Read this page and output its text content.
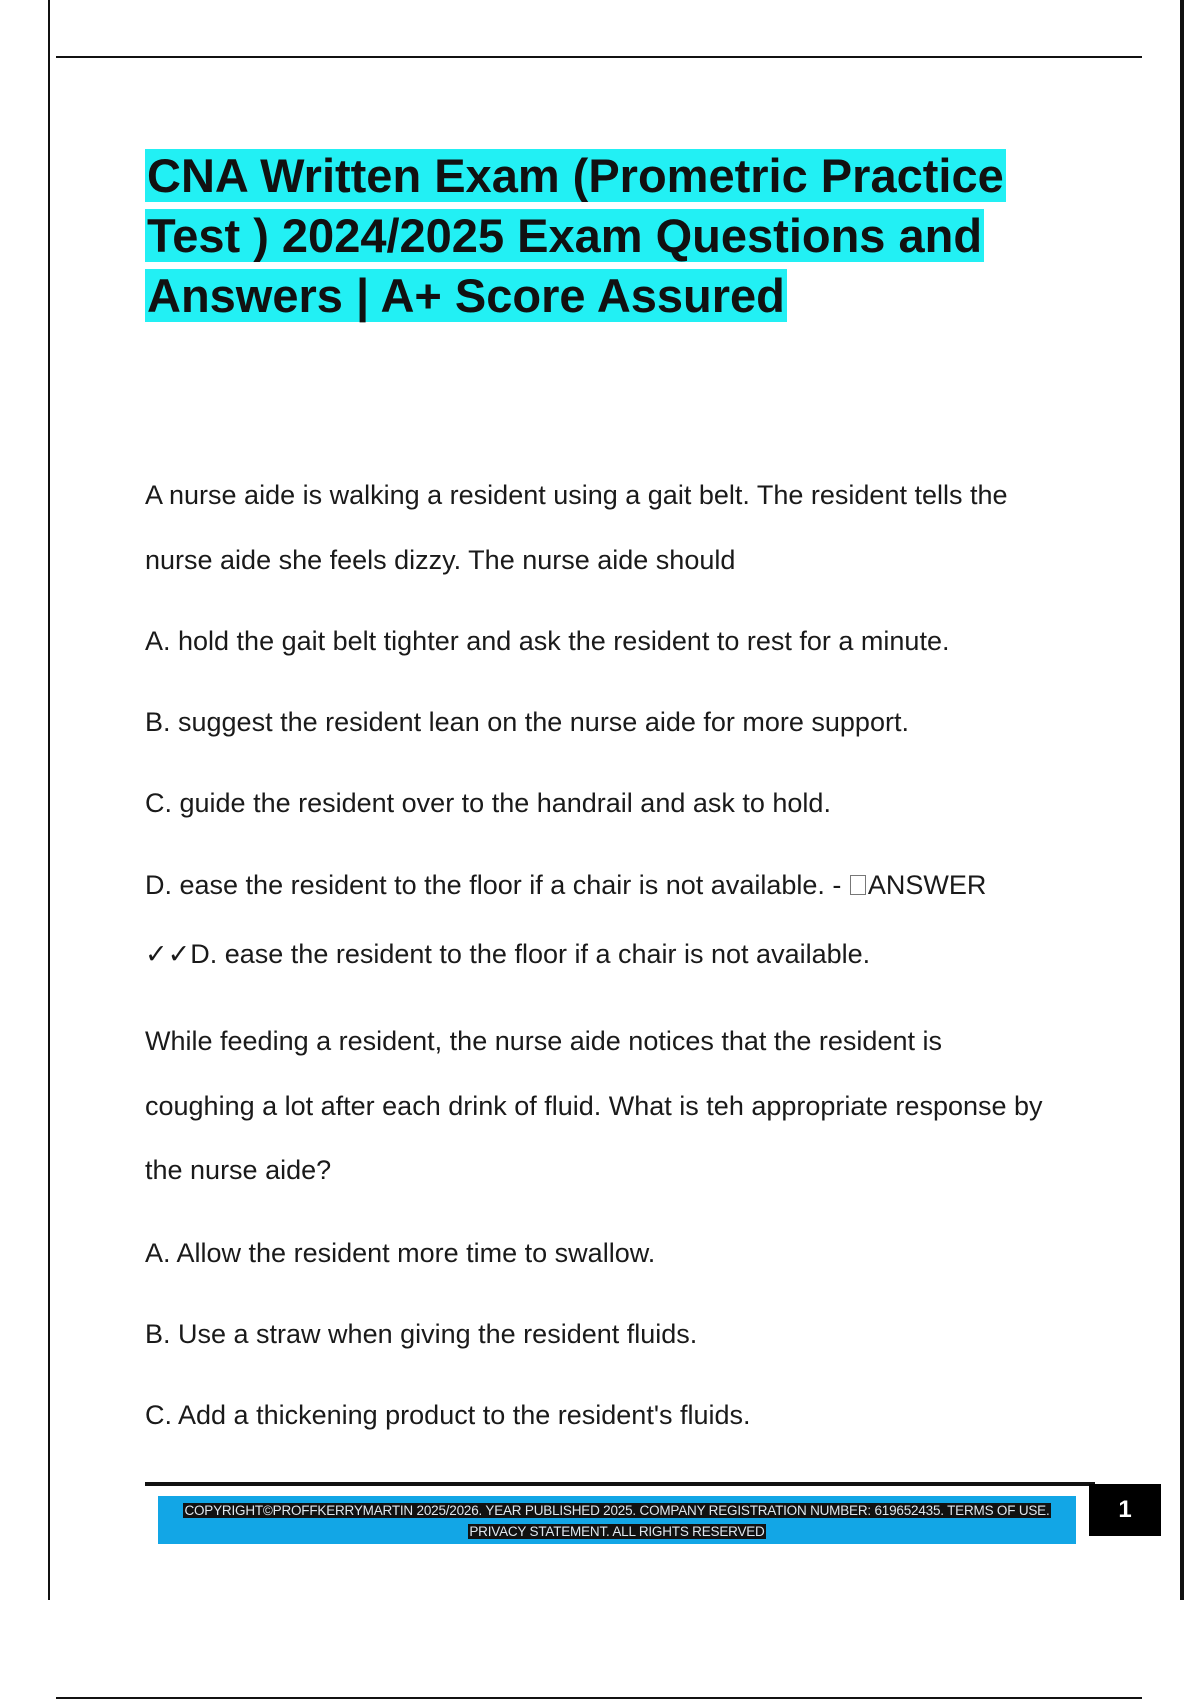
CNA Written Exam (Prometric Practice
Test ) 2024/2025 Exam Questions and
Answers | A+ Score Assured

A nurse aide is walking a resident using a gait belt. The resident tells the

nurse aide she feels dizzy. The nurse aide should

A. hold the gait belt tighter and ask the resident to rest for a minute.

B. suggest the resident lean on the nurse aide for more support.

C. guide the resident over to the handrail and ask to hold.

D. ease the resident to the floor if a chair is not available. - ANSWER

✓✓D. ease the resident to the floor if a chair is not available.

While feeding a resident, the nurse aide notices that the resident is

coughing a lot after each drink of fluid. What is teh appropriate response by

the nurse aide?

A. Allow the resident more time to swallow.

B. Use a straw when giving the resident fluids.

C. Add a thickening product to the resident's fluids.

COPYRIGHT©PROFFKERRYMARTIN 2025/2026. YEAR PUBLISHED 2025. COMPANY REGISTRATION NUMBER: 619652435. TERMS OF USE.
PRIVACY STATEMENT. ALL RIGHTS RESERVED
1
